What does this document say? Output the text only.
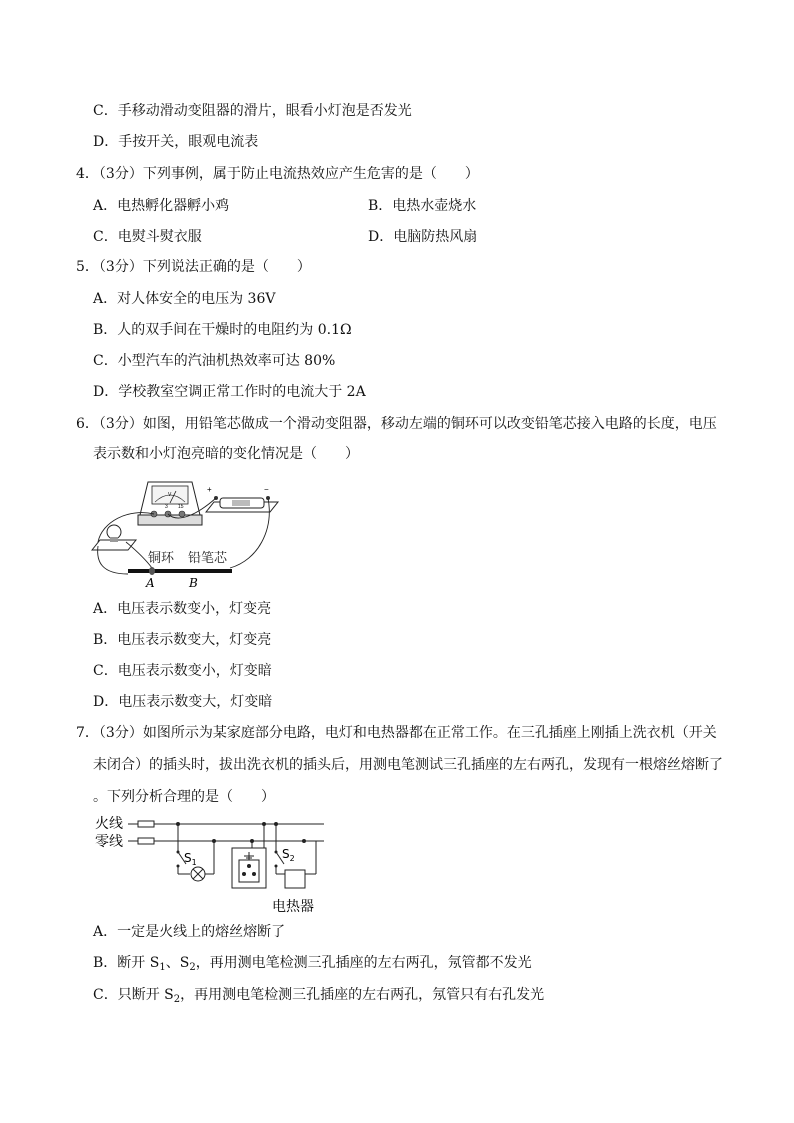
C．手移动滑动变阻器的滑片，眼看小灯泡是否发光
D．手按开关，眼观电流表
4．（3分）下列事例，属于防止电流热效应产生危害的是（　　）
A．电热孵化器孵小鸡	B．电热水壶烧水
C．电熨斗熨衣服	D．电脑防热风扇
5．（3分）下列说法正确的是（　　）
A．对人体安全的电压为 36V
B．人的双手间在干燥时的电阻约为 0.1Ω
C．小型汽车的汽油机热效率可达 80%
D．学校教室空调正常工作时的电流大于 2A
6．（3分）如图，用铅笔芯做成一个滑动变阻器，移动左端的铜环可以改变铅笔芯接入电路的长度，电压
表示数和小灯泡亮暗的变化情况是（　　）
3 15
V
+	−
铜环 铅笔芯
A	B
A．电压表示数变小，灯变亮
B．电压表示数变大，灯变亮
C．电压表示数变小，灯变暗
D．电压表示数变大，灯变暗
7．（3分）如图所示为某家庭部分电路，电灯和电热器都在正常工作。在三孔插座上刚插上洗衣机（开关
未闭合）的插头时，拔出洗衣机的插头后，用测电笔测试三孔插座的左右两孔，发现有一根熔丝熔断了
。下列分析合理的是（　　）
火线
零线
$S_1$
$S_2$
电热器
A．一定是火线上的熔丝熔断了
B．断开 $S_1$、$S_2$，再用测电笔检测三孔插座的左右两孔，氖管都不发光
C．只断开 $S_2$，再用测电笔检测三孔插座的左右两孔，氖管只有右孔发光
